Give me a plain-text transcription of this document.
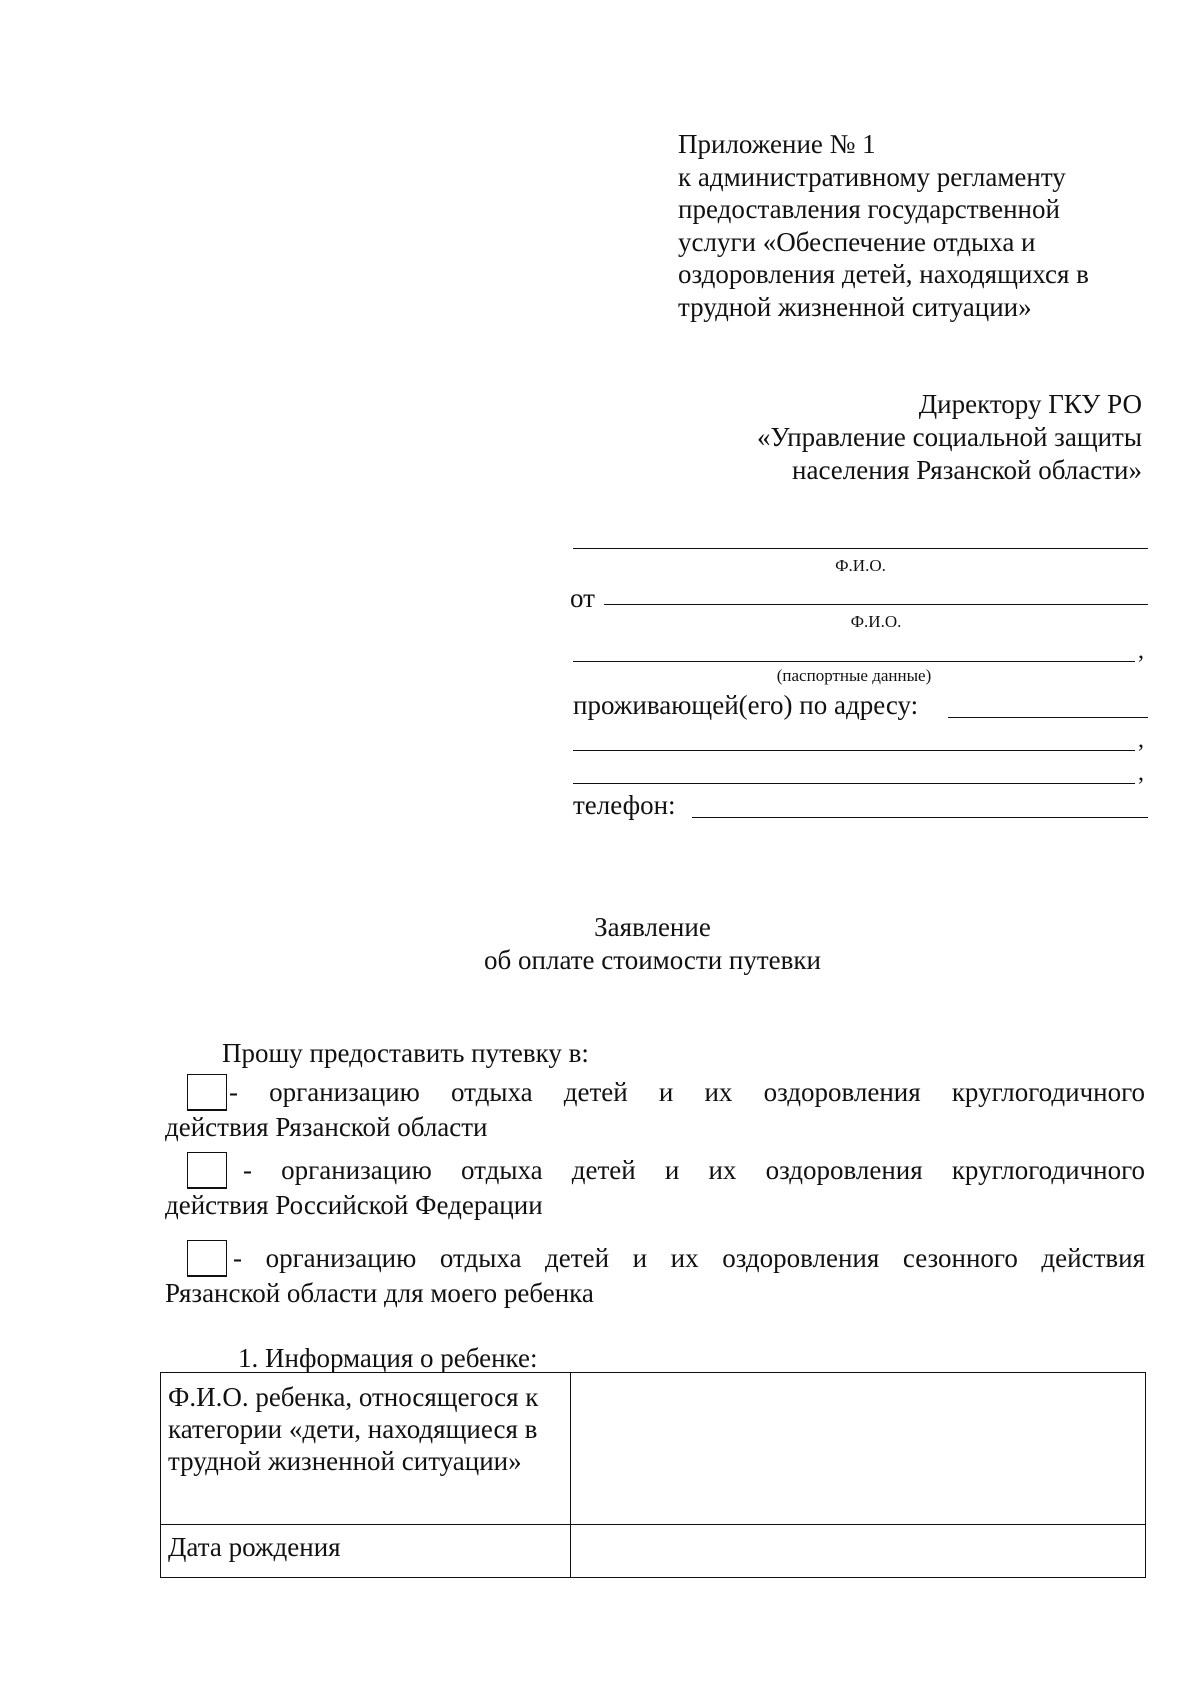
Приложение № 1
к административному регламенту
предоставления государственной
услуги «Обеспечение отдыха и
оздоровления детей, находящихся в
трудной жизненной ситуации»
Директору ГКУ РО
«Управление социальной защиты
населения Рязанской области»
Ф.И.О.
от
Ф.И.О.
,
(паспортные данные)
проживающей(его) по адресу:
,
,
телефон:
Заявление
об оплате стоимости путевки
Прошу предоставить путевку в:
- организацию отдыха детей и их оздоровления круглогодичного
действия Рязанской области
- организацию отдыха детей и их оздоровления круглогодичного
действия Российской Федерации
- организацию отдыха детей и их оздоровления сезонного действия
Рязанской области для моего ребенка
1. Информация о ребенке:
Ф.И.О. ребенка, относящегося к категории «дети, находящиеся в трудной жизненной ситуации»	
Дата рождения	
